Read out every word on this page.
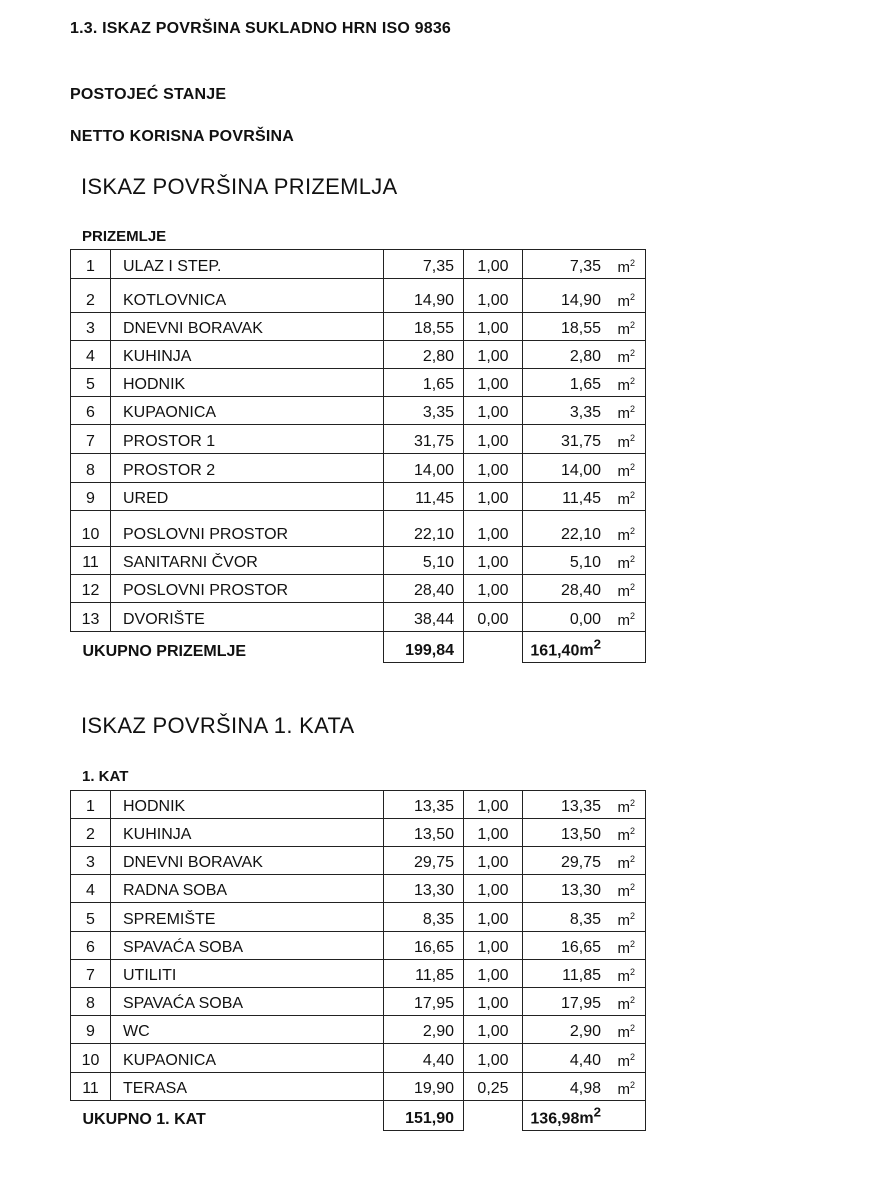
1.3. ISKAZ POVRŠINA SUKLADNO HRN ISO 9836
POSTOJEĆ STANJE
NETTO KORISNA POVRŠINA
ISKAZ POVRŠINA PRIZEMLJA
PRIZEMLJE
1	ULAZ I STEP.	7,35	1,00	7,35 $m^2$

2	KOTLOVNICA	14,90	1,00	14,90 $m^2$

3	DNEVNI BORAVAK	18,55	1,00	18,55 $m^2$

4	KUHINJA	2,80	1,00	2,80 $m^2$

5	HODNIK	1,65	1,00	1,65 $m^2$

6	KUPAONICA	3,35	1,00	3,35 $m^2$

7	PROSTOR 1	31,75	1,00	31,75 $m^2$

8	PROSTOR 2	14,00	1,00	14,00 $m^2$

9	URED	11,45	1,00	11,45 $m^2$

10	POSLOVNI PROSTOR	22,10	1,00	22,10 $m^2$

11	SANITARNI ČVOR	5,10	1,00	5,10 $m^2$

12	POSLOVNI PROSTOR	28,40	1,00	28,40 $m^2$

13	DVORIŠTE	38,44	0,00	0,00 $m^2$

UKUPNO PRIZEMLJE		199,84		$161,40m^2$
ISKAZ POVRŠINA 1. KATA
1. KAT
1	HODNIK	13,35	1,00	13,35 $m^2$

2	KUHINJA	13,50	1,00	13,50 $m^2$

3	DNEVNI BORAVAK	29,75	1,00	29,75 $m^2$

4	RADNA SOBA	13,30	1,00	13,30 $m^2$

5	SPREMIŠTE	8,35	1,00	8,35 $m^2$

6	SPAVAĆA SOBA	16,65	1,00	16,65 $m^2$

7	UTILITI	11,85	1,00	11,85 $m^2$

8	SPAVAĆA SOBA	17,95	1,00	17,95 $m^2$

9	WC	2,90	1,00	2,90 $m^2$

10	KUPAONICA	4,40	1,00	4,40 $m^2$

11	TERASA	19,90	0,25	4,98 $m^2$

UKUPNO 1. KAT		151,90		$136,98m^2$
